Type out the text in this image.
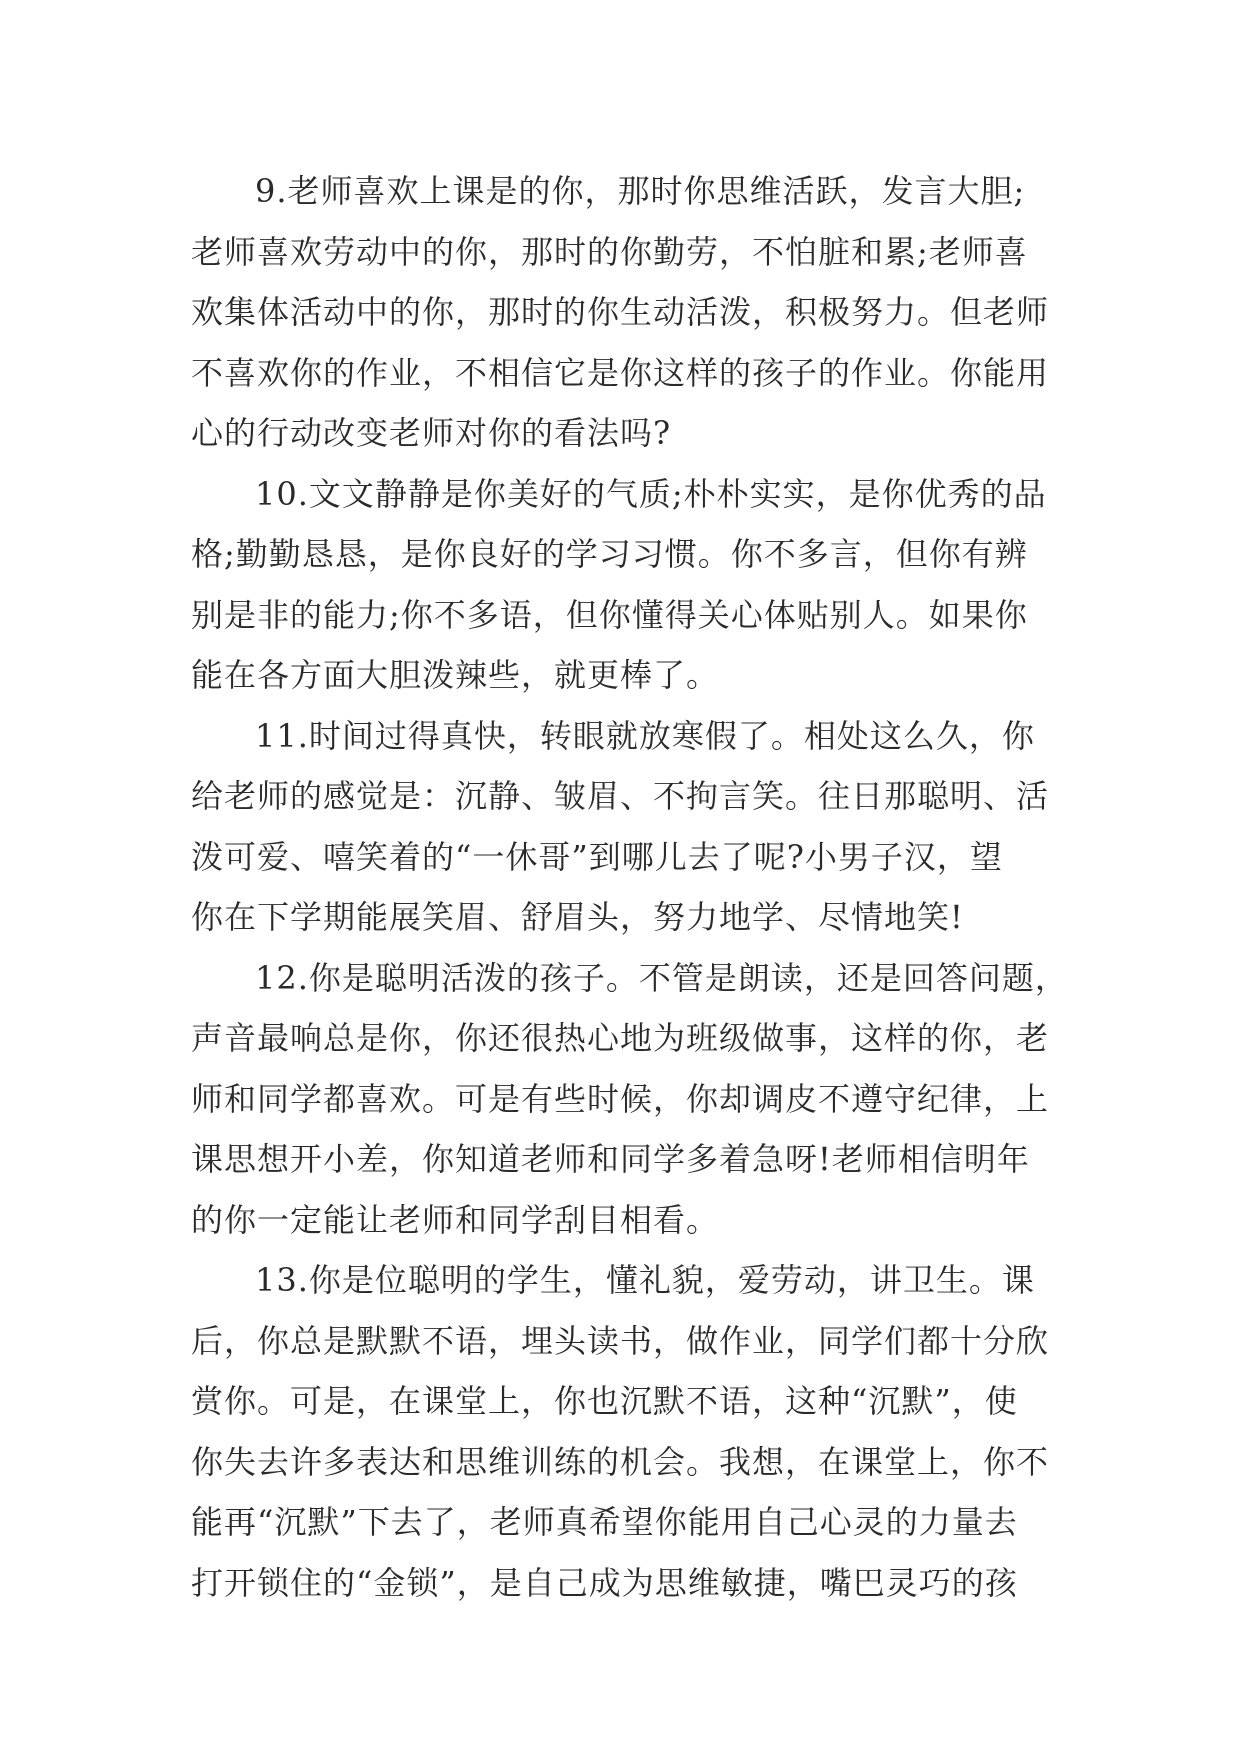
9.老师喜欢上课是的你，那时你思维活跃，发言大胆;
老师喜欢劳动中的你，那时的你勤劳，不怕脏和累;老师喜
欢集体活动中的你，那时的你生动活泼，积极努力。但老师
不喜欢你的作业，不相信它是你这样的孩子的作业。你能用
心的行动改变老师对你的看法吗?
10.文文静静是你美好的气质;朴朴实实，是你优秀的品
格;勤勤恳恳，是你良好的学习习惯。你不多言，但你有辨
别是非的能力;你不多语，但你懂得关心体贴别人。如果你
能在各方面大胆泼辣些，就更棒了。
11.时间过得真快，转眼就放寒假了。相处这么久，你
给老师的感觉是：沉静、皱眉、不拘言笑。往日那聪明、活
泼可爱、嘻笑着的“一休哥”到哪儿去了呢?小男子汉，望
你在下学期能展笑眉、舒眉头，努力地学、尽情地笑!
12.你是聪明活泼的孩子。不管是朗读，还是回答问题，
声音最响总是你，你还很热心地为班级做事，这样的你，老
师和同学都喜欢。可是有些时候，你却调皮不遵守纪律，上
课思想开小差，你知道老师和同学多着急呀!老师相信明年
的你一定能让老师和同学刮目相看。
13.你是位聪明的学生，懂礼貌，爱劳动，讲卫生。课
后，你总是默默不语，埋头读书，做作业，同学们都十分欣
赏你。可是，在课堂上，你也沉默不语，这种“沉默”，使
你失去许多表达和思维训练的机会。我想，在课堂上，你不
能再“沉默”下去了，老师真希望你能用自己心灵的力量去
打开锁住的“金锁”，是自己成为思维敏捷，嘴巴灵巧的孩
